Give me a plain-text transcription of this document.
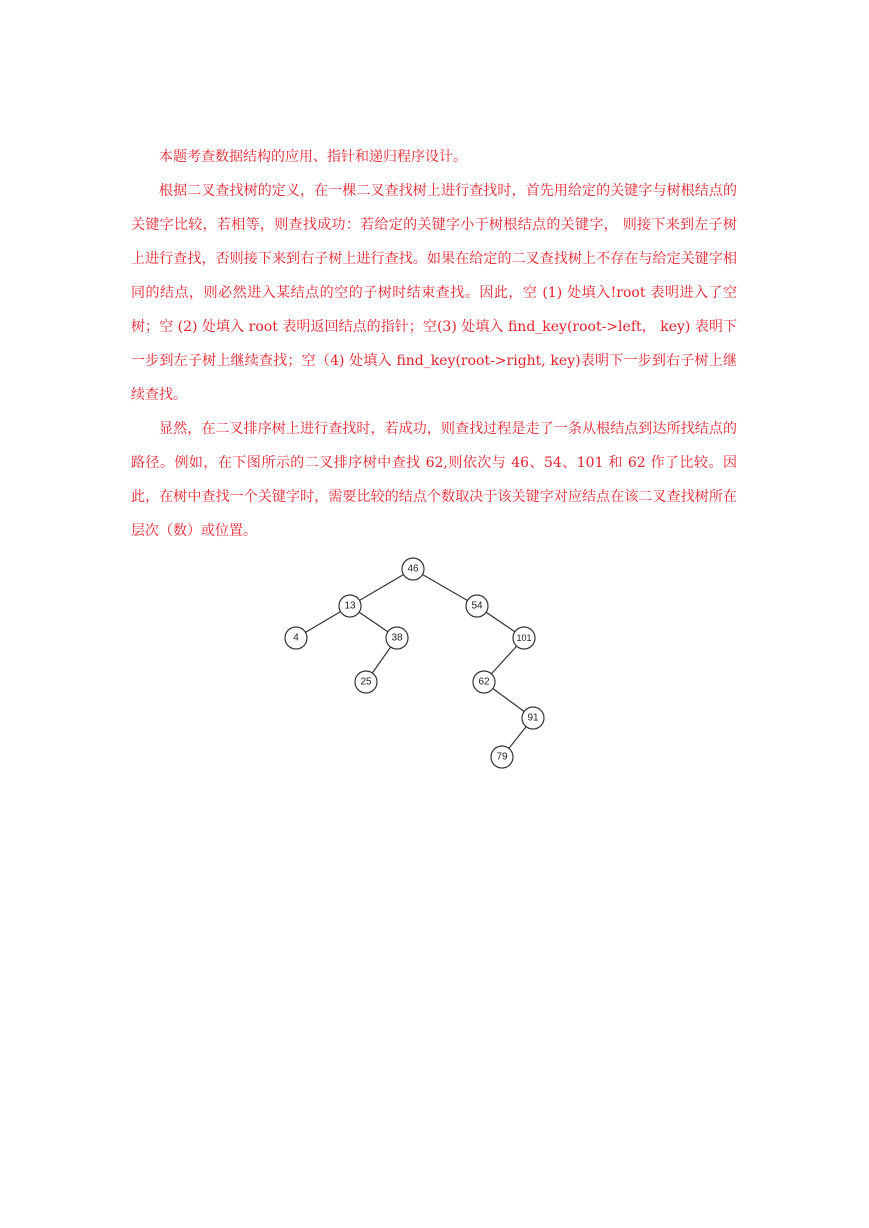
本题考查数据结构的应用、指针和递归程序设计。

根据二叉查找树的定义，在一棵二叉查找树上进行查找时，首先用给定的关键字与树根结点的关键字比较，若相等，则查找成功：若给定的关键字小于树根结点的关键字， 则接下来到左子树上进行查找，否则接下来到右子树上进行查找。如果在给定的二叉查找树上不存在与给定关键字相同的结点，则必然进入某结点的空的子树时结束查找。因此，空 (1) 处填入!root 表明进入了空树；空 (2) 处填入 root 表明返回结点的指针；空(3) 处填入 find_key(root->left， key) 表明下一步到左子树上继续查找；空（4) 处填入 find_key(root->right, key)表明下一步到右子树上继续查找。

显然，在二叉排序树上进行查找时，若成功，则查找过程是走了一条从根结点到达所找结点的路径。例如，在下图所示的二叉排序树中查找 62,则依次与 46、54、101 和 62 作了比较。因此，在树中查找一个关键字时，需要比较的结点个数取决于该关键字对应结点在该二叉查找树所在层次（数）或位置。

46
13	54
4	38	101
25	62
91
79
